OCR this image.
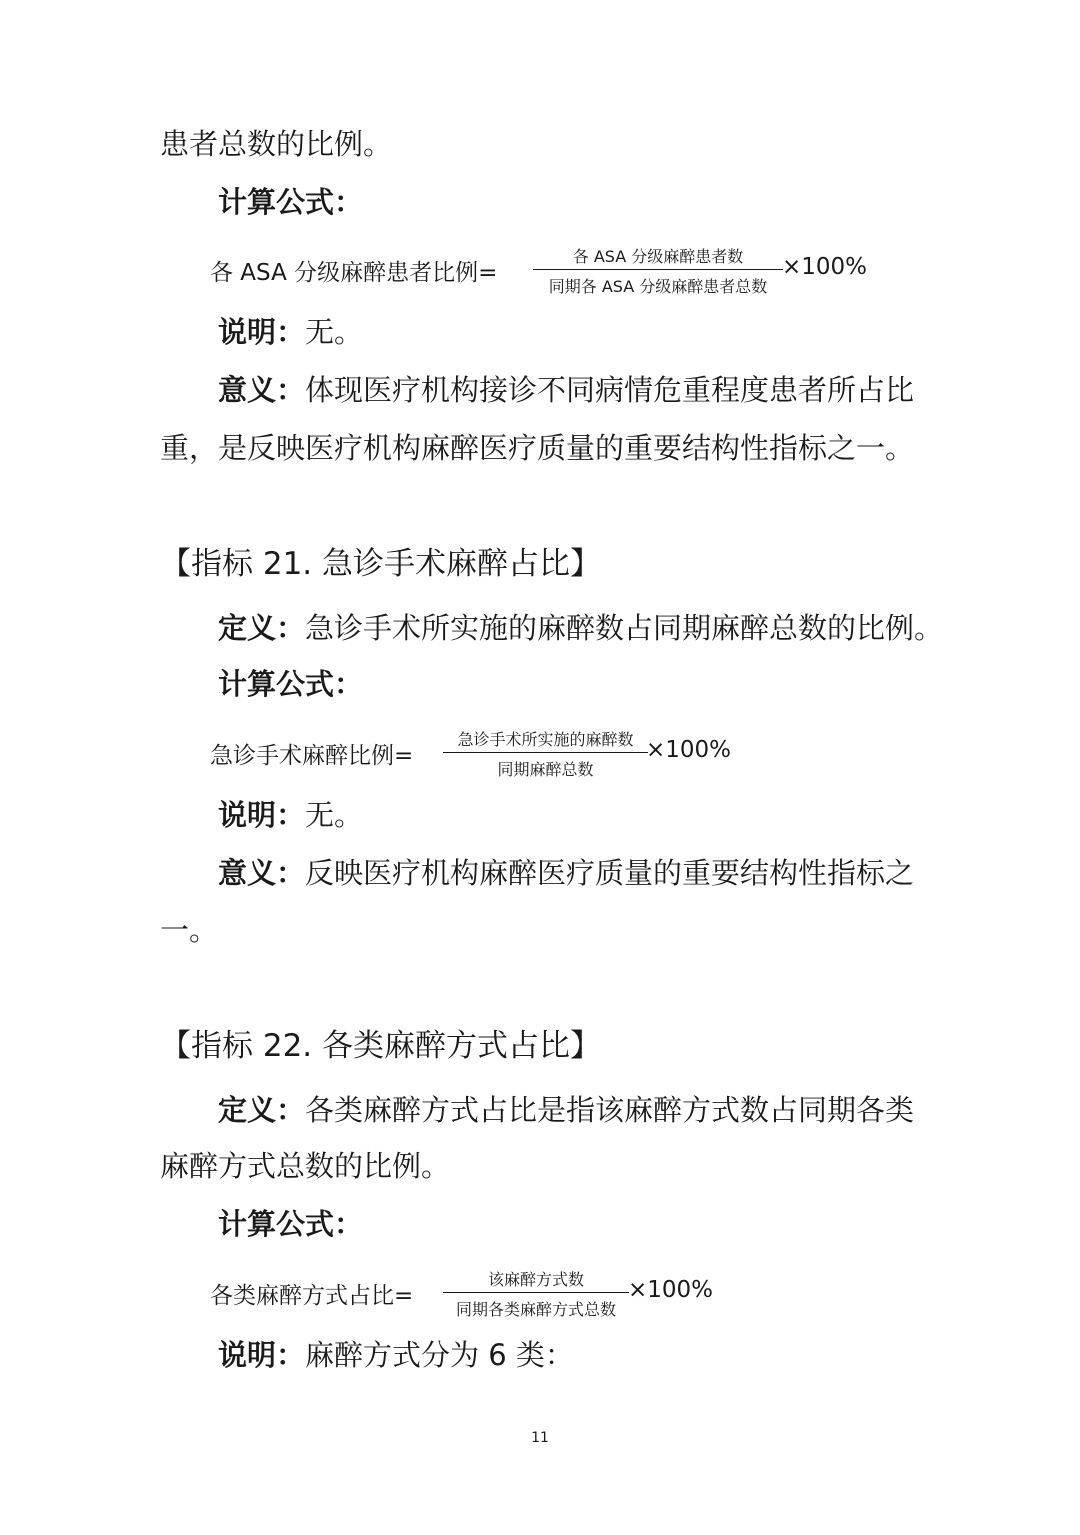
患者总数的比例。
计算公式：
各 ASA 分级麻醉患者比例=
各 ASA 分级麻醉患者数
同期各 ASA 分级麻醉患者总数
×100%
说明：无。
意义：体现医疗机构接诊不同病情危重程度患者所占比
重，是反映医疗机构麻醉医疗质量的重要结构性指标之一。
【指标 21. 急诊手术麻醉占比】
定义：急诊手术所实施的麻醉数占同期麻醉总数的比例。
计算公式：
急诊手术麻醉比例=
急诊手术所实施的麻醉数
同期麻醉总数
×100%
说明：无。
意义：反映医疗机构麻醉医疗质量的重要结构性指标之
一。
【指标 22. 各类麻醉方式占比】
定义：各类麻醉方式占比是指该麻醉方式数占同期各类
麻醉方式总数的比例。
计算公式：
各类麻醉方式占比=
该麻醉方式数
同期各类麻醉方式总数
×100%
说明：麻醉方式分为 6 类：
11
